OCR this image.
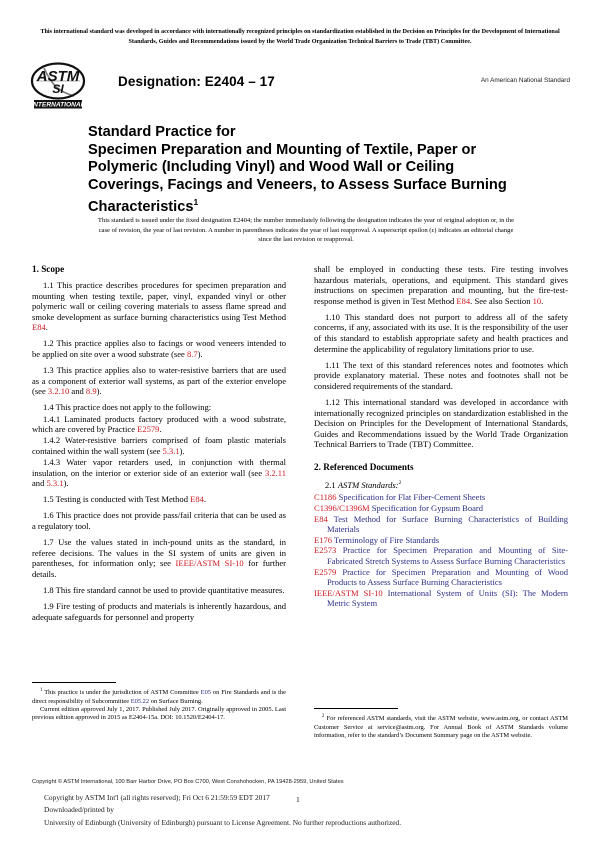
This international standard was developed in accordance with internationally recognized principles on standardization established in the Decision on Principles for the Development of International Standards, Guides and Recommendations issued by the World Trade Organization Technical Barriers to Trade (TBT) Committee.
ASTM
SI
INTERNATIONAL
Designation: E2404 – 17	An American National Standard
Standard Practice for
Specimen Preparation and Mounting of Textile, Paper or Polymeric (Including Vinyl) and Wood Wall or Ceiling Coverings, Facings and Veneers, to Assess Surface Burning Characteristics$^1$
This standard is issued under the fixed designation E2404; the number immediately following the designation indicates the year of original adoption or, in the case of revision, the year of last revision. A number in parentheses indicates the year of last reapproval. A superscript epsilon (ε) indicates an editorial change since the last revision or reapproval.
1. Scope

1.1 This practice describes procedures for specimen preparation and mounting when testing textile, paper, vinyl, expanded vinyl or other polymeric wall or ceiling covering materials to assess flame spread and smoke development as surface burning characteristics using Test Method E84.

1.2 This practice applies also to facings or wood veneers intended to be applied on site over a wood substrate (see 8.7).

1.3 This practice applies also to water-resistive barriers that are used as a component of exterior wall systems, as part of the exterior envelope (see 3.2.10 and 8.9).

1.4 This practice does not apply to the following:

1.4.1 Laminated products factory produced with a wood substrate, which are covered by Practice E2579.

1.4.2 Water-resistive barriers comprised of foam plastic materials contained within the wall system (see 5.3.1).

1.4.3 Water vapor retarders used, in conjunction with thermal insulation, on the interior or exterior side of an exterior wall (see 3.2.11 and 5.3.1).

1.5 Testing is conducted with Test Method E84.

1.6 This practice does not provide pass/fail criteria that can be used as a regulatory tool.

1.7 Use the values stated in inch-pound units as the standard, in referee decisions. The values in the SI system of units are given in parentheses, for information only; see IEEE/ASTM SI-10 for further details.

1.8 This fire standard cannot be used to provide quantitative measures.

1.9 Fire testing of products and materials is inherently hazardous, and adequate safeguards for personnel and property

shall be employed in conducting these tests. Fire testing involves hazardous materials, operations, and equipment. This standard gives instructions on specimen preparation and mounting, but the fire-test-response method is given in Test Method E84. See also Section 10.

1.10 This standard does not purport to address all of the safety concerns, if any, associated with its use. It is the responsibility of the user of this standard to establish appropriate safety and health practices and determine the applicability of regulatory limitations prior to use.

1.11 The text of this standard references notes and footnotes which provide explanatory material. These notes and footnotes shall not be considered requirements of the standard.

1.12 This international standard was developed in accordance with internationally recognized principles on standardization established in the Decision on Principles for the Development of International Standards, Guides and Recommendations issued by the World Trade Organization Technical Barriers to Trade (TBT) Committee.

2. Referenced Documents

2.1 ASTM Standards:$^2$

C1186 Specification for Flat Fiber-Cement Sheets

C1396/C1396M Specification for Gypsum Board

E84 Test Method for Surface Burning Characteristics of Building Materials

E176 Terminology of Fire Standards

E2573 Practice for Specimen Preparation and Mounting of Site-Fabricated Stretch Systems to Assess Surface Burning Characteristics

E2579 Practice for Specimen Preparation and Mounting of Wood Products to Assess Surface Burning Characteristics

IEEE/ASTM SI-10 International System of Units (SI): The Modern Metric System

$^1$ This practice is under the jurisdiction of ASTM Committee E05 on Fire Standards and is the direct responsibility of Subcommittee E05.22 on Surface Burning.

Current edition approved July 1, 2017. Published July 2017. Originally approved in 2005. Last previous edition approved in 2015 as E2404-15a. DOI: 10.1520/E2404-17.	$^2$ For referenced ASTM standards, visit the ASTM website, www.astm.org, or contact ASTM Customer Service at service@astm.org. For Annual Book of ASTM Standards volume information, refer to the standard’s Document Summary page on the ASTM website.

Copyright © ASTM International, 100 Barr Harbor Drive, PO Box C700, West Conshohocken, PA 19428-2959, United States
Copyright by ASTM Int'l (all rights reserved); Fri Oct 6 21:59:59 EDT 2017
Downloaded/printed by
University of Edinburgh (University of Edinburgh) pursuant to License Agreement. No further reproductions authorized.
1
